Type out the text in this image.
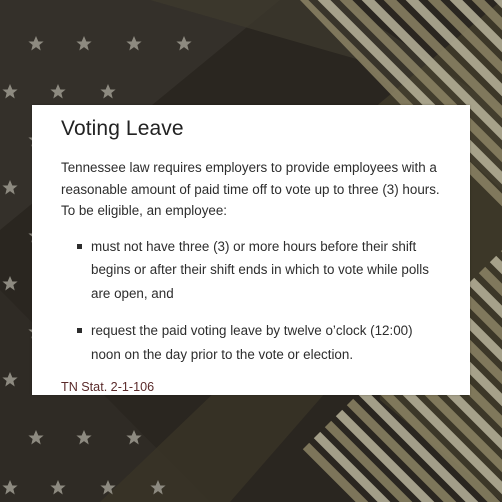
Voting Leave

Tennessee law requires employers to provide employees with a reasonable amount of paid time off to vote up to three (3) hours. To be eligible, an employee:

must not have three (3) or more hours before their shift begins or after their shift ends in which to vote while polls are open, and
request the paid voting leave by twelve o’clock (12:00) noon on the day prior to the vote or election.
TN Stat. 2-1-106
